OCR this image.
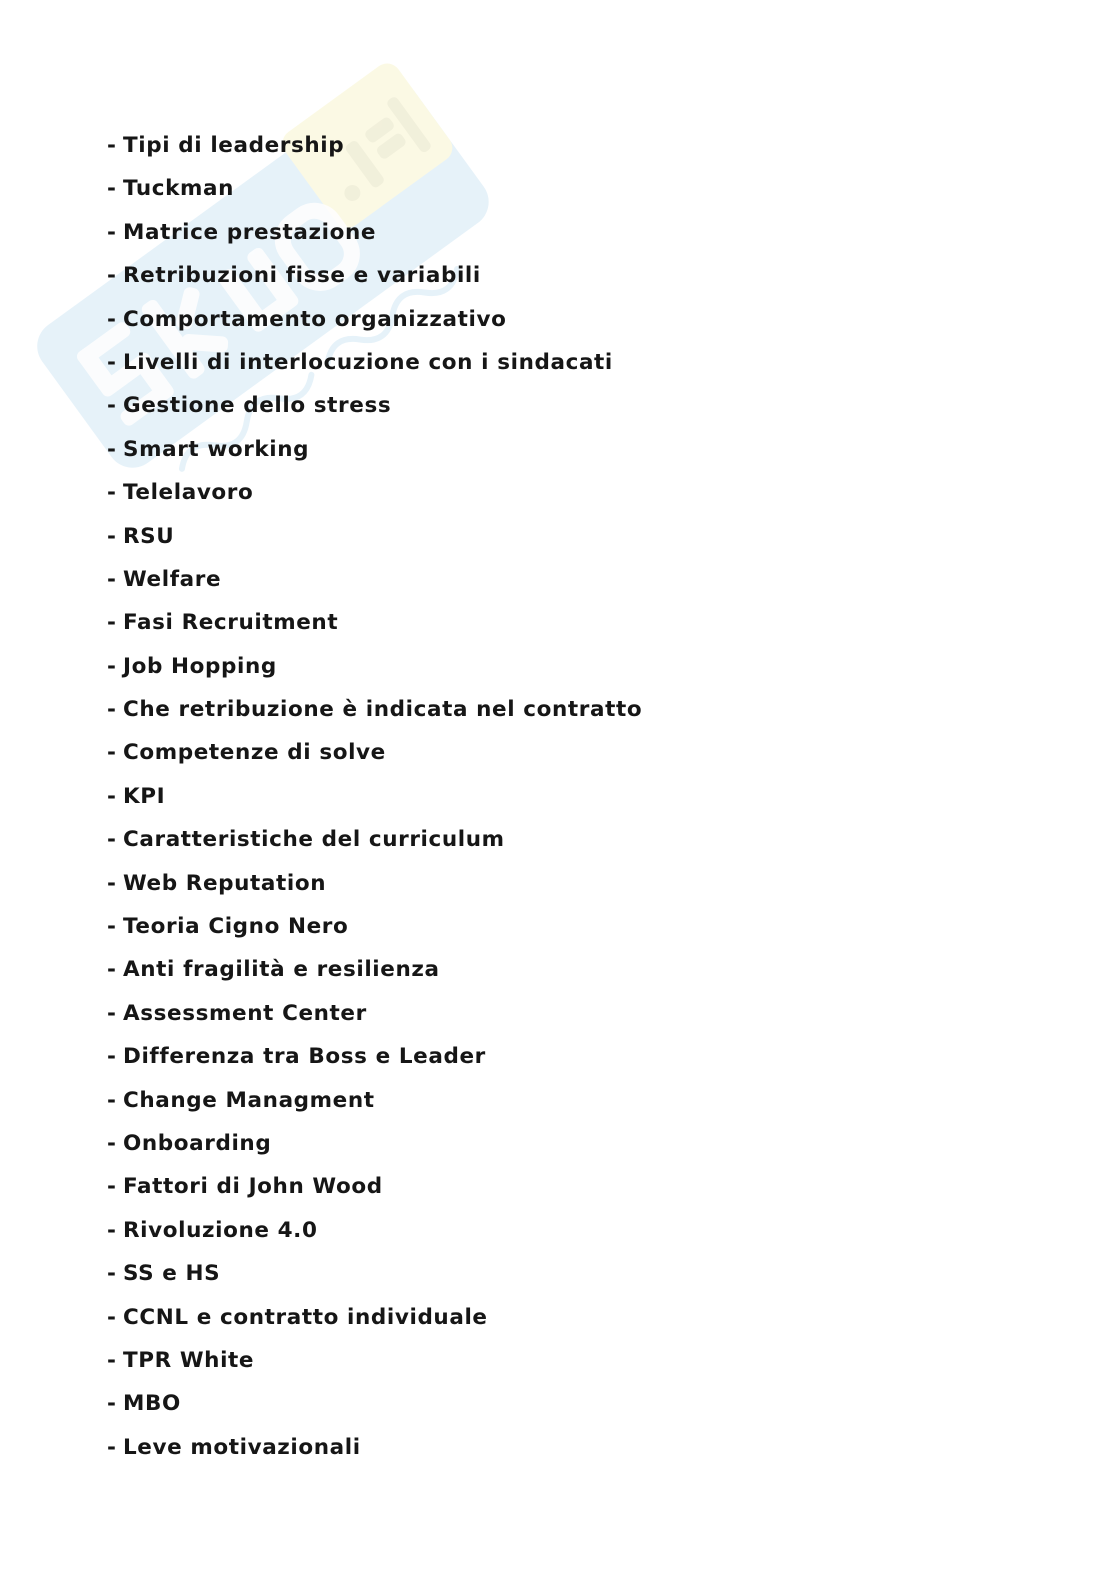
- Tipi di leadership
- Tuckman
- Matrice prestazione
- Retribuzioni fisse e variabili
- Comportamento organizzativo
- Livelli di interlocuzione con i sindacati
- Gestione dello stress
- Smart working
- Telelavoro
- RSU
- Welfare
- Fasi Recruitment
- Job Hopping
- Che retribuzione è indicata nel contratto
- Competenze di solve
- KPI
- Caratteristiche del curriculum
- Web Reputation
- Teoria Cigno Nero
- Anti fragilità e resilienza
- Assessment Center
- Differenza tra Boss e Leader
- Change Managment
- Onboarding
- Fattori di John Wood
- Rivoluzione 4.0
- SS e HS
- CCNL e contratto individuale
- TPR White
- MBO
- Leve motivazionali
